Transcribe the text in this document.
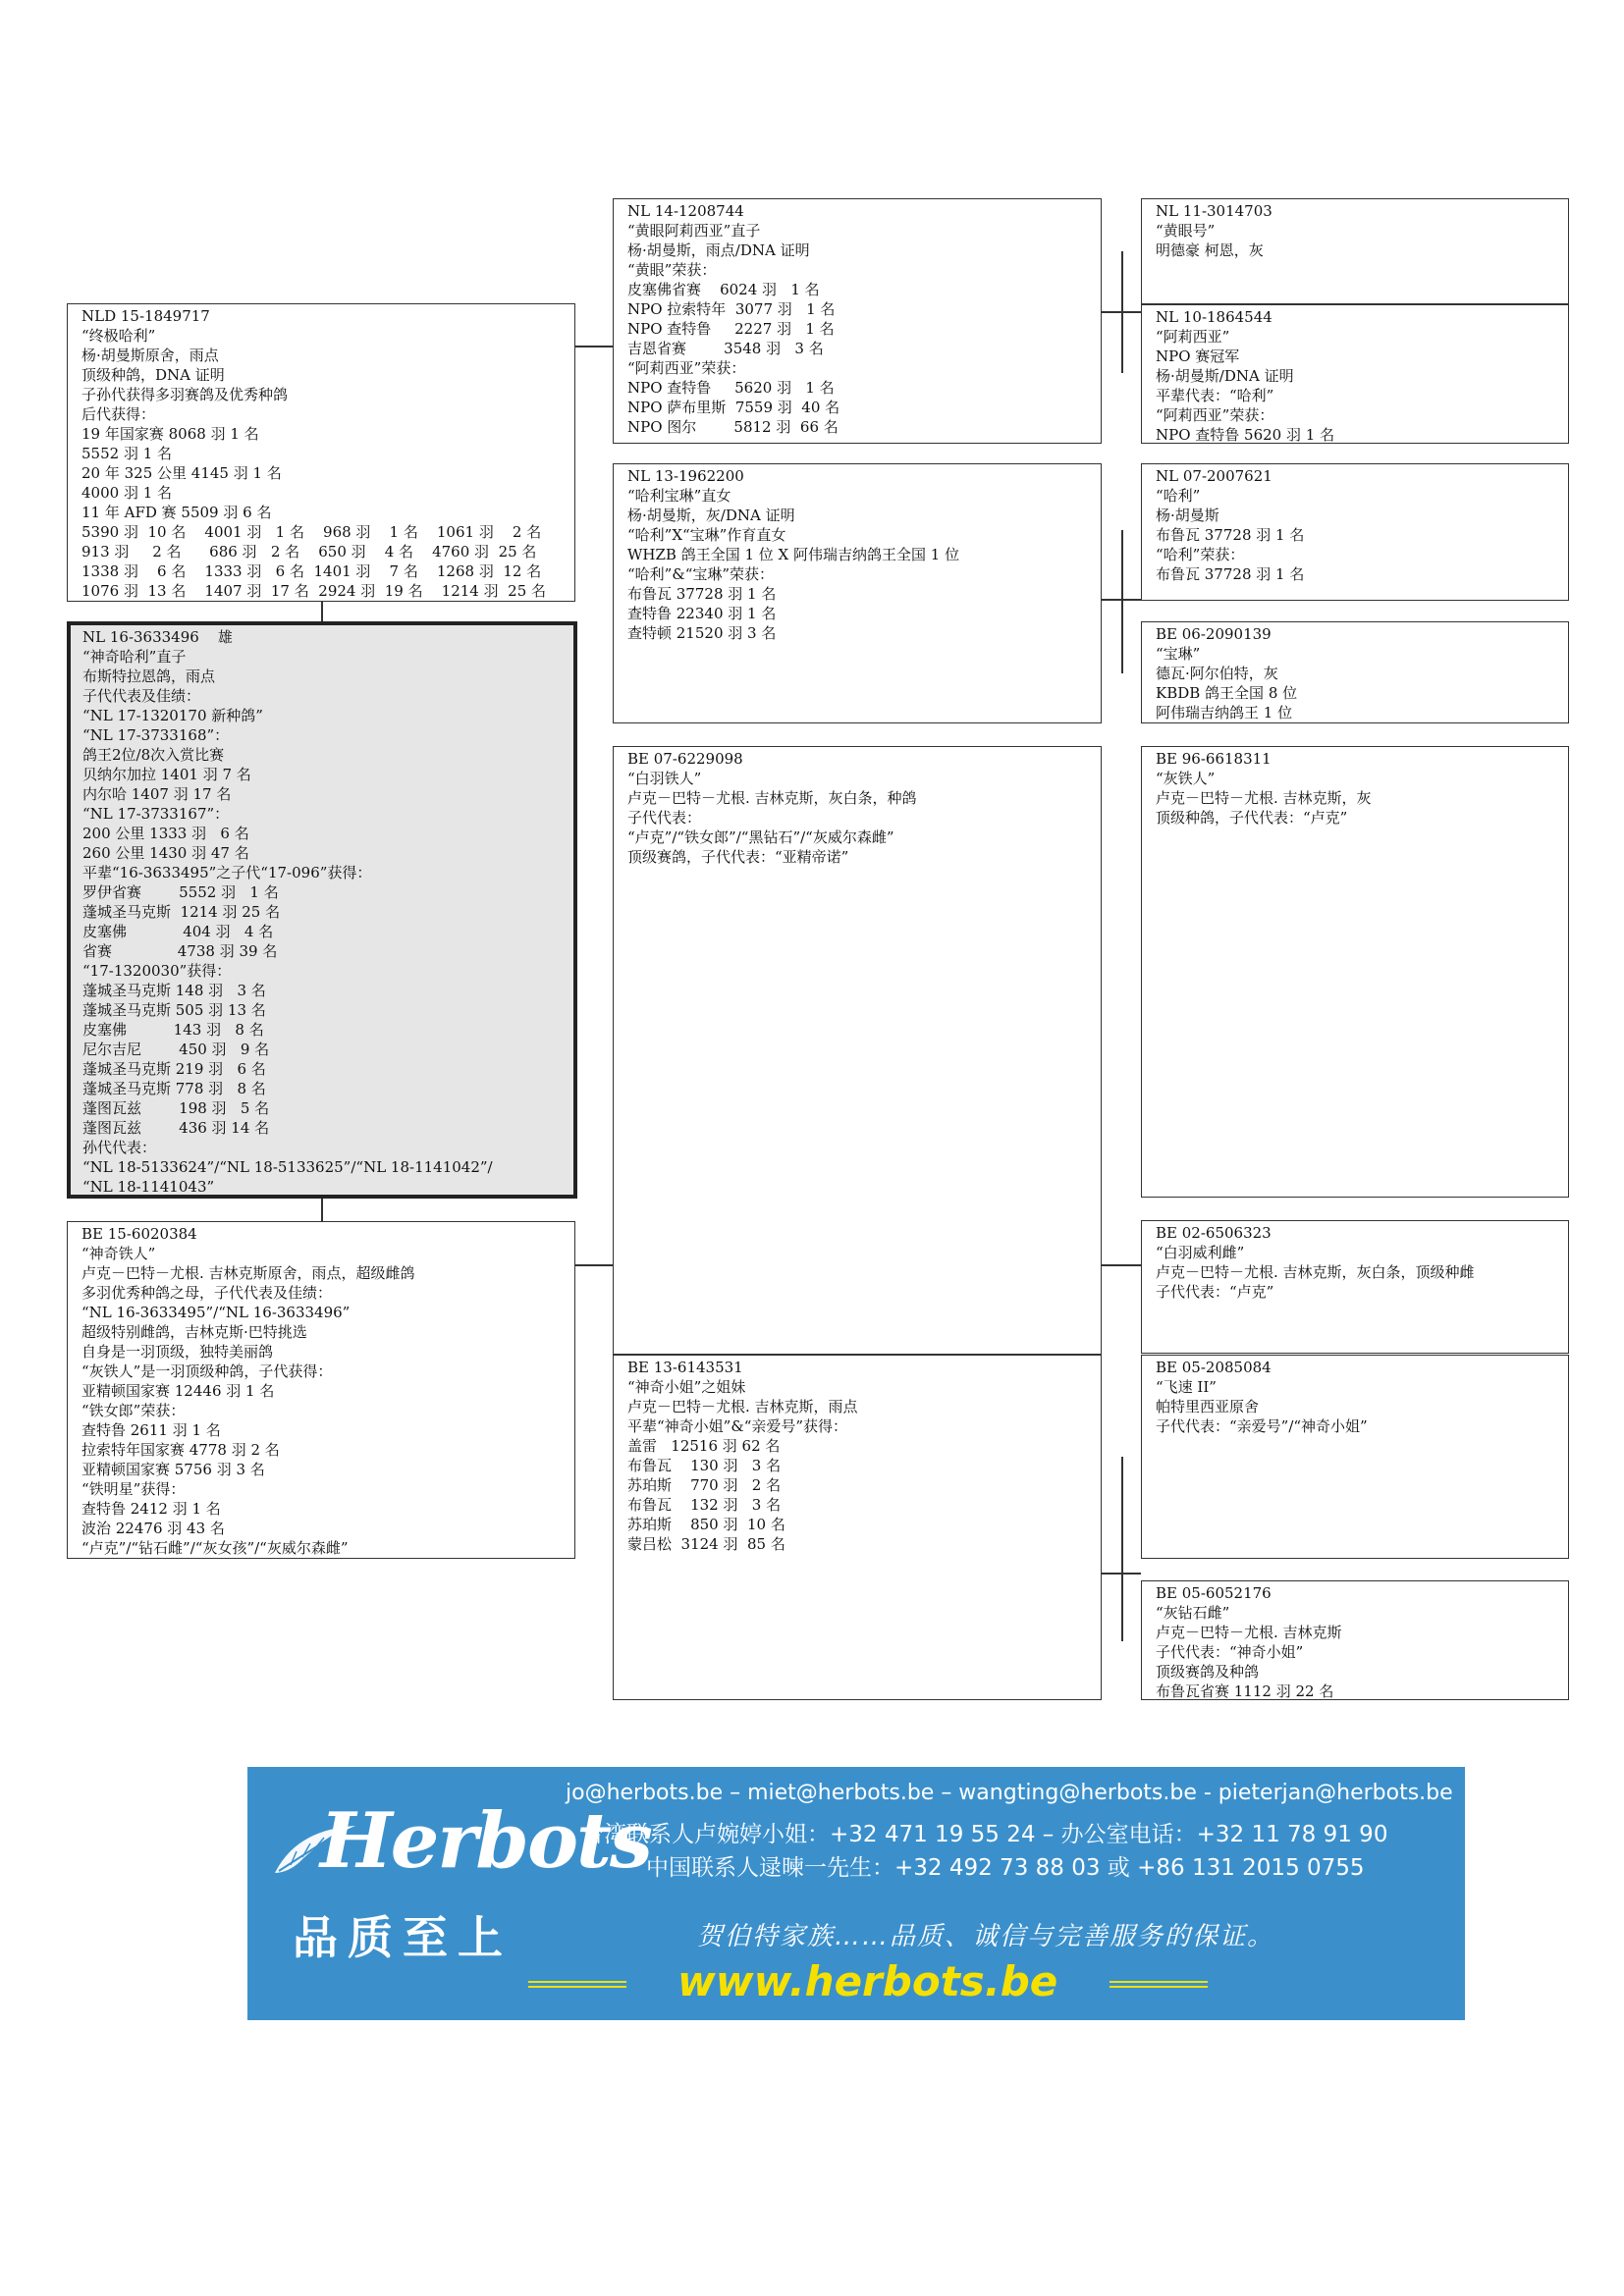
NL 16-3633496    雄
“神奇哈利”直子
布斯特拉恩鸽，雨点
子代代表及佳绩：
“NL 17-1320170 新种鸽”
“NL 17-3733168”：
鸽王2位/8次入赏比赛
贝纳尔加拉 1401 羽 7 名
内尔哈 1407 羽 17 名
“NL 17-3733167”：
200 公里 1333 羽   6 名
260 公里 1430 羽 47 名
平辈“16-3633495”之子代“17-096”获得：
罗伊省赛        5552 羽   1 名
蓬城圣马克斯  1214 羽 25 名
皮塞佛            404 羽   4 名
省赛              4738 羽 39 名
“17-1320030”获得：
蓬城圣马克斯 148 羽   3 名
蓬城圣马克斯 505 羽 13 名
皮塞佛          143 羽   8 名
尼尔吉尼        450 羽   9 名
蓬城圣马克斯 219 羽   6 名
蓬城圣马克斯 778 羽   8 名
蓬图瓦兹        198 羽   5 名
蓬图瓦兹        436 羽 14 名
孙代代表：
“NL 18-5133624”/“NL 18-5133625”/“NL 18-1141042”/
“NL 18-1141043”
NLD 15-1849717
“终极哈利”
杨·胡曼斯原舍，雨点
顶级种鸽，DNA 证明
子孙代获得多羽赛鸽及优秀种鸽
后代获得：
19 年国家赛 8068 羽 1 名
5552 羽 1 名
20 年 325 公里 4145 羽 1 名
4000 羽 1 名
11 年 AFD 赛 5509 羽 6 名
5390 羽  10 名    4001 羽   1 名    968 羽    1 名    1061 羽    2 名
913 羽     2 名      686 羽   2 名    650 羽    4 名    4760 羽  25 名
1338 羽    6 名    1333 羽   6 名  1401 羽    7 名    1268 羽  12 名
1076 羽  13 名    1407 羽  17 名  2924 羽  19 名    1214 羽  25 名
BE 15-6020384
“神奇铁人”
卢克－巴特－尤根. 吉林克斯原舍，雨点，超级雌鸽
多羽优秀种鸽之母，子代代表及佳绩：
“NL 16-3633495”/“NL 16-3633496”
超级特别雌鸽，吉林克斯·巴特挑选
自身是一羽顶级，独特美丽鸽
“灰铁人”是一羽顶级种鸽，子代获得：
亚精顿国家赛 12446 羽 1 名
“铁女郎”荣获：
查特鲁 2611 羽 1 名
拉索特年国家赛 4778 羽 2 名
亚精顿国家赛 5756 羽 3 名
“铁明星”获得：
查特鲁 2412 羽 1 名
波治 22476 羽 43 名
“卢克”/“钻石雌”/“灰女孩”/“灰威尔森雌”
NL 14-1208744
“黄眼阿莉西亚”直子
杨·胡曼斯，雨点/DNA 证明
“黄眼”荣获：
皮塞佛省赛    6024 羽   1 名
NPO 拉索特年  3077 羽   1 名
NPO 查特鲁     2227 羽   1 名
吉恩省赛        3548 羽   3 名
“阿莉西亚”荣获：
NPO 查特鲁     5620 羽   1 名
NPO 萨布里斯  7559 羽  40 名
NPO 图尔        5812 羽  66 名
NL 13-1962200
“哈利宝琳”直女
杨·胡曼斯，灰/DNA 证明
“哈利”X“宝琳”作育直女
WHZB 鸽王全国 1 位 X 阿伟瑞吉纳鸽王全国 1 位
“哈利”&“宝琳”荣获：
布鲁瓦 37728 羽 1 名
查特鲁 22340 羽 1 名
查特顿 21520 羽 3 名
BE 07-6229098
“白羽铁人”
卢克－巴特－尤根. 吉林克斯，灰白条，种鸽
子代代表：
“卢克”/“铁女郎”/“黑钻石”/“灰威尔森雌”
顶级赛鸽，子代代表：“亚精帝诺”
BE 13-6143531
“神奇小姐”之姐妹
卢克－巴特－尤根. 吉林克斯，雨点
平辈“神奇小姐”&“亲爱号”获得：
盖雷   12516 羽 62 名
布鲁瓦    130 羽   3 名
苏珀斯    770 羽   2 名
布鲁瓦    132 羽   3 名
苏珀斯    850 羽  10 名
蒙吕松  3124 羽  85 名
NL 11-3014703
“黄眼号”
明德豪 柯恩，灰
NL 10-1864544
“阿莉西亚”
NPO 赛冠军
杨·胡曼斯/DNA 证明
平辈代表：“哈利”
“阿莉西亚”荣获：
NPO 查特鲁 5620 羽 1 名
NL 07-2007621
“哈利”
杨·胡曼斯
布鲁瓦 37728 羽 1 名
“哈利”荣获：
布鲁瓦 37728 羽 1 名
BE 06-2090139
“宝琳”
德瓦·阿尔伯特，灰
KBDB 鸽王全国 8 位
阿伟瑞吉纳鸽王 1 位
BE 96-6618311
“灰铁人”
卢克－巴特－尤根. 吉林克斯，灰
顶级种鸽，子代代表：“卢克”
BE 02-6506323
“白羽威利雌”
卢克－巴特－尤根. 吉林克斯，灰白条，顶级种雌
子代代表：“卢克”
BE 05-2085084
“飞速 II”
帕特里西亚原舍
子代代表：“亲爱号”/“神奇小姐”
BE 05-6052176
“灰钻石雌”
卢克－巴特－尤根. 吉林克斯
子代代表：“神奇小姐”
顶级赛鸽及种鸽
布鲁瓦省赛 1112 羽 22 名
Herbots
品质至上
jo@herbots.be – miet@herbots.be – wangting@herbots.be - pieterjan@herbots.be
台湾联系人卢婉婷小姐：+32 471 19 55 24 – 办公室电话：+32 11 78 91 90
中国联系人逯暕一先生：+32 492 73 88 03 或 +86 131 2015 0755
贺伯特家族……品质、诚信与完善服务的保证。
www.herbots.be
